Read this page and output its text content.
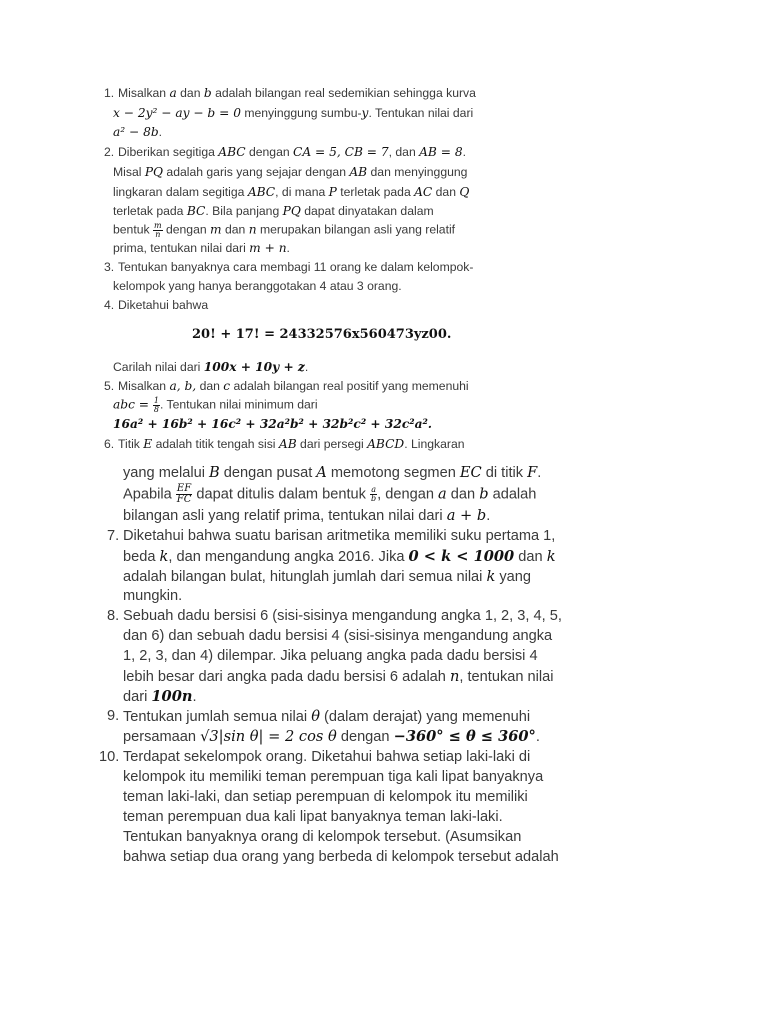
1. Misalkan a dan b adalah bilangan real sedemikian sehingga kurva
x − 2y² − ay − b = 0 menyinggung sumbu-y. Tentukan nilai dari
a² − 8b.
2. Diberikan segitiga ABC dengan CA = 5, CB = 7, dan AB = 8.
Misal PQ adalah garis yang sejajar dengan AB dan menyinggung
lingkaran dalam segitiga ABC, di mana P terletak pada AC dan Q
terletak pada BC. Bila panjang PQ dapat dinyatakan dalam
bentuk $\frac{m}{n}$ dengan m dan n merupakan bilangan asli yang relatif
prima, tentukan nilai dari m + n.
3. Tentukan banyaknya cara membagi 11 orang ke dalam kelompok-
kelompok yang hanya beranggotakan 4 atau 3 orang.
4. Diketahui bahwa
20! + 17! = 24332576x560473yz00.
Carilah nilai dari 100x + 10y + z.
5. Misalkan a, b, dan c adalah bilangan real positif yang memenuhi
abc = $\frac{1}{8}$ . Tentukan nilai minimum dari
16a² + 16b² + 16c² + 32a²b² + 32b²c² + 32c²a².
6. Titik E adalah titik tengah sisi AB dari persegi ABCD. Lingkaran
yang melalui B dengan pusat A memotong segmen EC di titik F.
Apabila $\frac{EF}{FC}$ dapat ditulis dalam bentuk $\frac{a}{b}$ , dengan a dan b adalah
bilangan asli yang relatif prima, tentukan nilai dari a + b.
7. Diketahui bahwa suatu barisan aritmetika memiliki suku pertama 1,
beda k, dan mengandung angka 2016. Jika 0 < k < 1000 dan k
adalah bilangan bulat, hitunglah jumlah dari semua nilai k yang
mungkin.
8. Sebuah dadu bersisi 6 (sisi-sisinya mengandung angka 1, 2, 3, 4, 5,
dan 6) dan sebuah dadu bersisi 4 (sisi-sisinya mengandung angka
1, 2, 3, dan 4) dilempar. Jika peluang angka pada dadu bersisi 4
lebih besar dari angka pada dadu bersisi 6 adalah n, tentukan nilai
dari 100n.
9. Tentukan jumlah semua nilai θ (dalam derajat) yang memenuhi
persamaan √3|sin θ| = 2 cos θ dengan −360° ≤ θ ≤ 360°.
10. Terdapat sekelompok orang. Diketahui bahwa setiap laki-laki di
kelompok itu memiliki teman perempuan tiga kali lipat banyaknya
teman laki-laki, dan setiap perempuan di kelompok itu memiliki
teman perempuan dua kali lipat banyaknya teman laki-laki.
Tentukan banyaknya orang di kelompok tersebut. (Asumsikan
bahwa setiap dua orang yang berbeda di kelompok tersebut adalah
